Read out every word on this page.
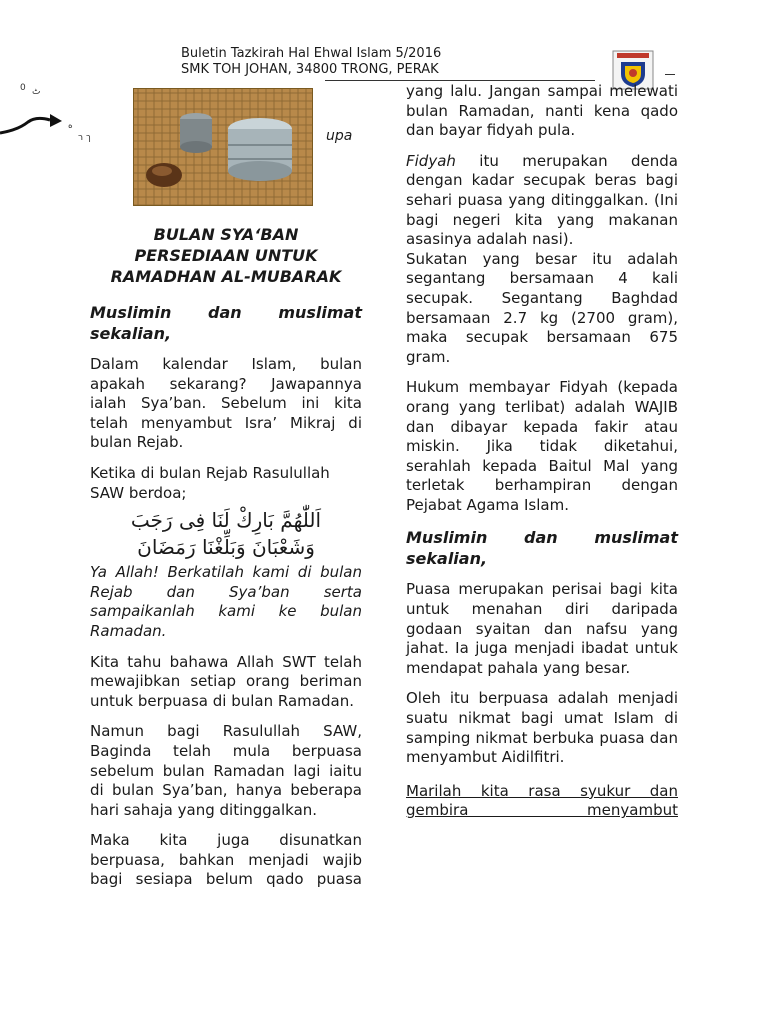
Buletin Tazkirah Hal Ehwal Islam 5/2016
SMK TOH JOHAN, 34800 TRONG, PERAK
0 ٹ
ه
ך ר	upa
BULAN SYA‘BAN
PERSEDIAAN UNTUK
RAMADHAN AL-MUBARAK

Muslimin dan muslimat sekalian,

Dalam kalendar Islam, bulan apakah sekarang? Jawapannya ialah Sya’ban. Sebelum ini kita telah menyambut Isra’ Mikraj di bulan Rejab.

Ketika di bulan Rejab Rasulullah SAW berdoa;

اَللّٰهُمَّ بَارِكْ لَنَا فِى رَجَبَ
وَشَعْبَانَ وَبَلِّغْنَا رَمَضَانَ

Ya Allah! Berkatilah kami di bulan Rejab dan Sya’ban serta sampaikanlah kami ke bulan Ramadan.

Kita tahu bahawa Allah SWT telah mewajibkan setiap orang beriman untuk berpuasa di bulan Ramadan.

Namun bagi Rasulullah SAW, Baginda telah mula berpuasa sebelum bulan Ramadan lagi iaitu di bulan Sya’ban, hanya beberapa hari sahaja yang ditinggalkan.

Maka kita juga disunatkan berpuasa, bahkan menjadi wajib bagi sesiapa belum qado puasa

yang lalu. Jangan sampai melewati bulan Ramadan, nanti kena qado dan bayar fidyah pula.

Fidyah itu merupakan denda dengan kadar secupak beras bagi sehari puasa yang ditinggalkan. (Ini bagi negeri kita yang makanan asasinya adalah nasi).

Sukatan yang besar itu adalah segantang bersamaan 4 kali secupak. Segantang Baghdad bersamaan 2.7 kg (2700 gram), maka secupak bersamaan 675 gram.

Hukum membayar Fidyah (kepada orang yang terlibat) adalah WAJIB dan dibayar kepada fakir atau miskin. Jika tidak diketahui, serahlah kepada Baitul Mal yang terletak berhampiran dengan Pejabat Agama Islam.

Muslimin dan muslimat sekalian,

Puasa merupakan perisai bagi kita untuk menahan diri daripada godaan syaitan dan nafsu yang jahat. Ia juga menjadi ibadat untuk mendapat pahala yang besar.

Oleh itu berpuasa adalah menjadi suatu nikmat bagi umat Islam di samping nikmat berbuka puasa dan menyambut Aidilfitri.

Marilah kita rasa syukur dan gembira menyambut
